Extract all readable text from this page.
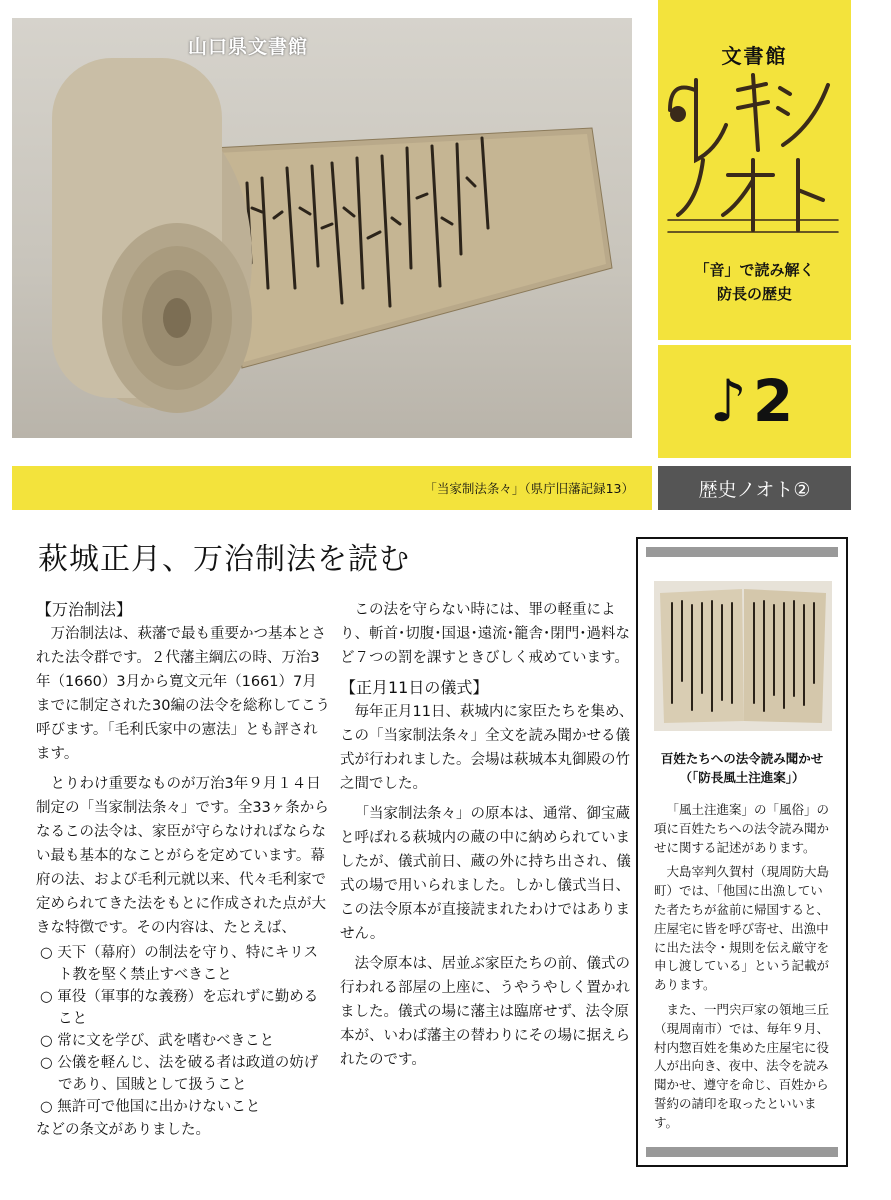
山口県文書館	文書館
「音」で読み解く
防長の歴史
♪2
「当家制法条々」（県庁旧藩記録13）	歴史ノオト②
萩城正月、万治制法を読む

【万治制法】

万治制法は、萩藩で最も重要かつ基本とされた法令群です。２代藩主綱広の時、万治3年（1660）3月から寛文元年（1661）7月までに制定された30編の法令を総称してこう呼びます。「毛利氏家中の憲法」とも評されます。

とりわけ重要なものが万治3年９月１４日制定の「当家制法条々」です。全33ヶ条からなるこの法令は、家臣が守らなければならない最も基本的なことがらを定めています。幕府の法、および毛利元就以来、代々毛利家で定められてきた法をもとに作成された点が大きな特徴です。その内容は、たとえば、

○ 天下（幕府）の制法を守り、特にキリスト教を堅く禁止すべきこと

○ 軍役（軍事的な義務）を忘れずに勤めること

○ 常に文を学び、武を嗜むべきこと

○ 公儀を軽んじ、法を破る者は政道の妨げであり、国賊として扱うこと

○ 無許可で他国に出かけないこと

などの条文がありました。

この法を守らない時には、罪の軽重により、斬首･切腹･国退･遠流･籠舎･閉門･過料など７つの罰を課すときびしく戒めています。

【正月11日の儀式】

毎年正月11日、萩城内に家臣たちを集め、この「当家制法条々」全文を読み聞かせる儀式が行われました。会場は萩城本丸御殿の竹之間でした。

「当家制法条々」の原本は、通常、御宝蔵と呼ばれる萩城内の蔵の中に納められていましたが、儀式前日、蔵の外に持ち出され、儀式の場で用いられました。しかし儀式当日、この法令原本が直接読まれたわけではありません。

法令原本は、居並ぶ家臣たちの前、儀式の行われる部屋の上座に、うやうやしく置かれました。儀式の場に藩主は臨席せず、法令原本が、いわば藩主の替わりにその場に据えられたのです。

百姓たちへの法令読み聞かせ
（「防長風土注進案」）

「風土注進案」の「風俗」の項に百姓たちへの法令読み聞かせに関する記述があります。

大島宰判久賀村（現周防大島町）では、「他国に出漁していた者たちが盆前に帰国すると、庄屋宅に皆を呼び寄せ、出漁中に出た法令・規則を伝え厳守を申し渡している」という記載があります。

また、一門宍戸家の領地三丘（現周南市）では、毎年９月、村内惣百姓を集めた庄屋宅に役人が出向き、夜中、法令を読み聞かせ、遵守を命じ、百姓から誓約の請印を取ったといいます。
